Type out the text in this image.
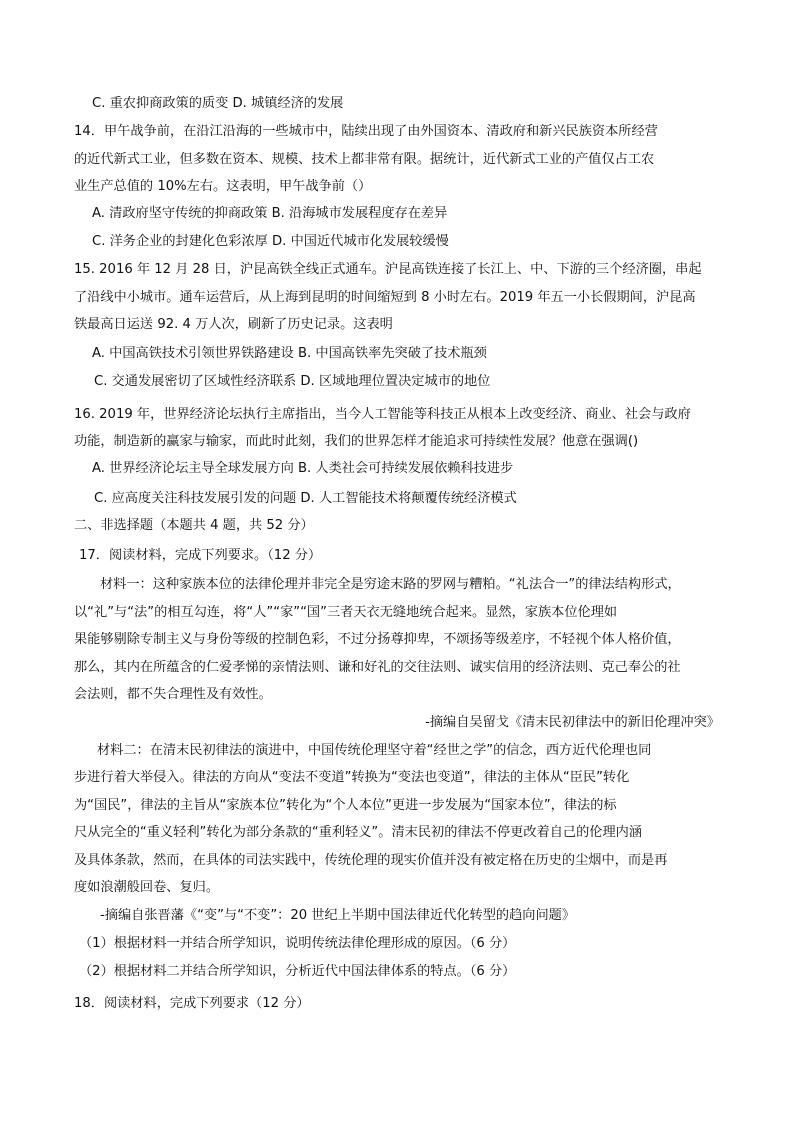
C. 重农抑商政策的质变 D. 城镇经济的发展
14．甲午战争前，在沿江沿海的一些城市中，陆续出现了由外国资本、清政府和新兴民族资本所经营
的近代新式工业，但多数在资本、规模、技术上都非常有限。据统计，近代新式工业的产值仅占工农
业生产总值的 10%左右。这表明，甲午战争前（）
A. 清政府坚守传统的抑商政策 B. 沿海城市发展程度存在差异
C. 洋务企业的封建化色彩浓厚 D. 中国近代城市化发展较缓慢
15. 2016 年 12 月 28 日，沪昆高铁全线正式通车。沪昆高铁连接了长江上、中、下游的三个经济圈，串起
了沿线中小城市。通车运营后，从上海到昆明的时间缩短到 8 小时左右。2019 年五一小长假期间，沪昆高
铁最高日运送 92. 4 万人次，刷新了历史记录。这表明
A. 中国高铁技术引领世界铁路建设 B. 中国高铁率先突破了技术瓶颈
C. 交通发展密切了区域性经济联系 D. 区域地理位置决定城市的地位
16. 2019 年，世界经济论坛执行主席指出，当今人工智能等科技正从根本上改变经济、商业、社会与政府
功能，制造新的赢家与输家，而此时此刻，我们的世界怎样才能追求可持续性发展？他意在强调()
A. 世界经济论坛主导全球发展方向 B. 人类社会可持续发展依赖科技进步
C. 应高度关注科技发展引发的问题 D. 人工智能技术将颠覆传统经济模式
二、非选择题（本题共 4 题，共 52 分）
17．阅读材料，完成下列要求。（12 分）
材料一：这种家族本位的法律伦理并非完全是穷途末路的罗网与糟粕。“礼法合一”的律法结构形式，
以“礼”与“法”的相互勾连，将“人”“家”“国”三者天衣无缝地统合起来。显然，家族本位伦理如
果能够剔除专制主义与身份等级的控制色彩，不过分扬尊抑卑，不颂扬等级差序，不轻视个体人格价值，
那么，其内在所蕴含的仁爱孝悌的亲情法则、谦和好礼的交往法则、诚实信用的经济法则、克己奉公的社
会法则，都不失合理性及有效性。
-摘编自吴留戈《清末民初律法中的新旧伦理冲突》
材料二：在清末民初律法的演进中，中国传统伦理坚守着“经世之学”的信念，西方近代伦理也同
步进行着大举侵入。律法的方向从“变法不变道”转换为“变法也变道”，律法的主体从“臣民”转化
为“国民”，律法的主旨从“家族本位”转化为“个人本位”更进一步发展为“国家本位”，律法的标
尺从完全的“重义轻利”转化为部分条款的“重利轻义”。清末民初的律法不停更改着自己的伦理内涵
及具体条款，然而，在具体的司法实践中，传统伦理的现实价值并没有被定格在历史的尘烟中，而是再
度如浪潮般回卷、复归。
-摘编自张晋藩《“变”与“不变”：20 世纪上半期中国法律近代化转型的趋向问题》
（1）根据材料一并结合所学知识，说明传统法律伦理形成的原因。（6 分）
（2）根据材料二并结合所学知识，分析近代中国法律体系的特点。（6 分）
18．阅读材料，完成下列要求（12 分）
